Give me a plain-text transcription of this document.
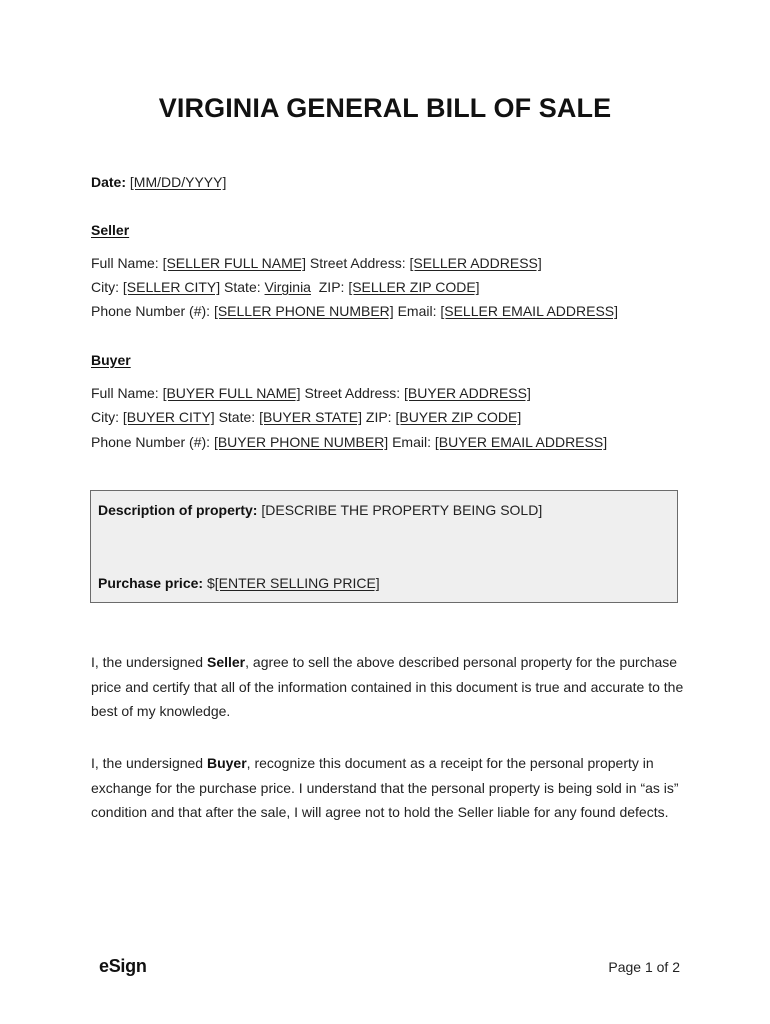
VIRGINIA GENERAL BILL OF SALE
Date: [MM/DD/YYYY]
Seller
Full Name: [SELLER FULL NAME] Street Address: [SELLER ADDRESS]
City: [SELLER CITY] State: Virginia ZIP: [SELLER ZIP CODE]
Phone Number (#): [SELLER PHONE NUMBER] Email: [SELLER EMAIL ADDRESS]
Buyer
Full Name: [BUYER FULL NAME] Street Address: [BUYER ADDRESS]
City: [BUYER CITY] State: [BUYER STATE] ZIP: [BUYER ZIP CODE]
Phone Number (#): [BUYER PHONE NUMBER] Email: [BUYER EMAIL ADDRESS]
Description of property: [DESCRIBE THE PROPERTY BEING SOLD]
Purchase price: $[ENTER SELLING PRICE]
I, the undersigned Seller, agree to sell the above described personal property for the purchase
price and certify that all of the information contained in this document is true and accurate to the
best of my knowledge.
I, the undersigned Buyer, recognize this document as a receipt for the personal property in
exchange for the purchase price. I understand that the personal property is being sold in “as is”
condition and that after the sale, I will agree not to hold the Seller liable for any found defects.
eSign	Page 1 of 2
